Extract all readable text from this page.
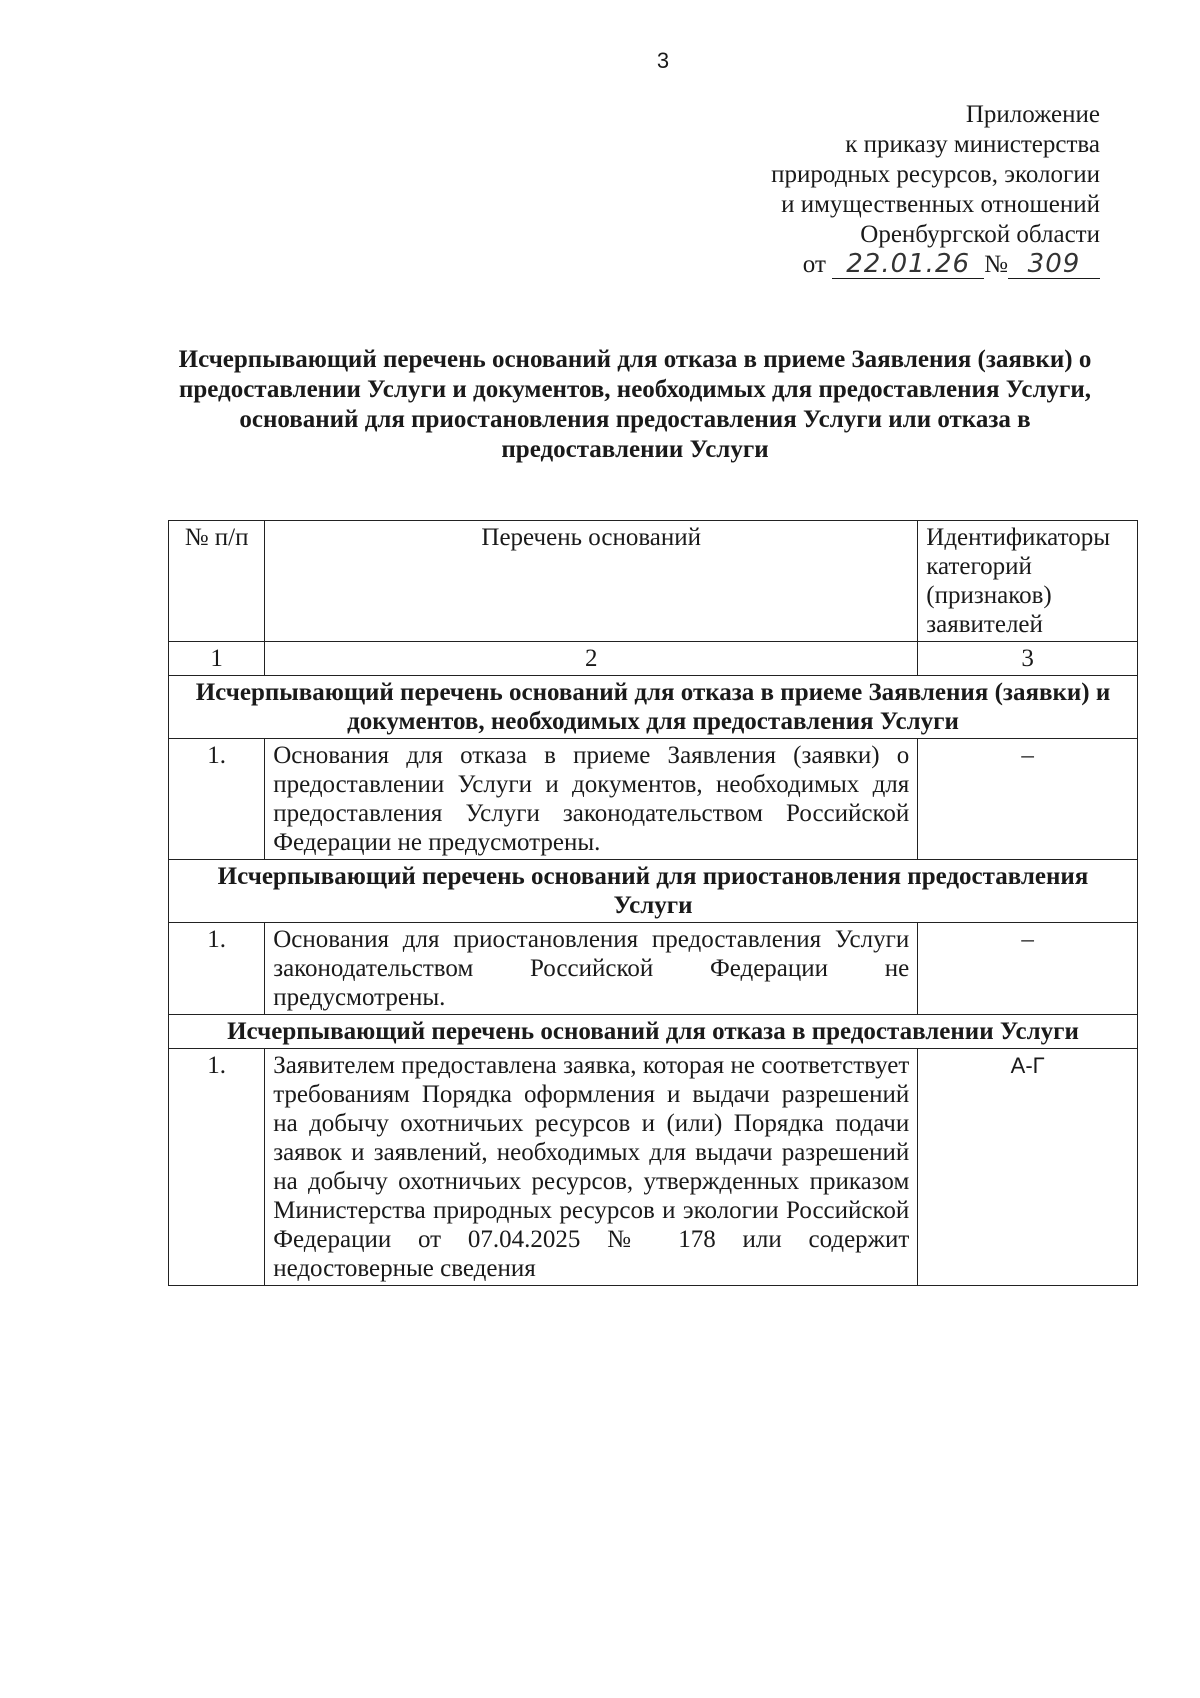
3
Приложение
к приказу министерства
природных ресурсов, экологии
и имущественных отношений
Оренбургской области
от 22.01.26 № 309
Исчерпывающий перечень оснований для отказа в приеме Заявления (заявки) о предоставлении Услуги и документов, необходимых для предоставления Услуги, оснований для приостановления предоставления Услуги или отказа в предоставлении Услуги
№ п/п	Перечень оснований	Идентификаторы категорий (признаков) заявителей
1	2	3
Исчерпывающий перечень оснований для отказа в приеме Заявления (заявки) и документов, необходимых для предоставления Услуги		
1.	Основания для отказа в приеме Заявления (заявки) о предоставлении Услуги и документов, необходимых для предоставления Услуги законодательством Российской Федерации не предусмотрены.	–
Исчерпывающий перечень оснований для приостановления предоставления Услуги		
1.	Основания для приостановления предоставления Услуги законодательством Российской Федерации не предусмотрены.	–
Исчерпывающий перечень оснований для отказа в предоставлении Услуги		
1.	Заявителем предоставлена заявка, которая не соответствует требованиям Порядка оформления и выдачи разрешений на добычу охотничьих ресурсов и (или) Порядка подачи заявок и заявлений, необходимых для выдачи разрешений на добычу охотничьих ресурсов, утвержденных приказом Министерства природных ресурсов и экологии Российской Федерации от 07.04.2025 № 178 или содержит недостоверные сведения	А-Г
